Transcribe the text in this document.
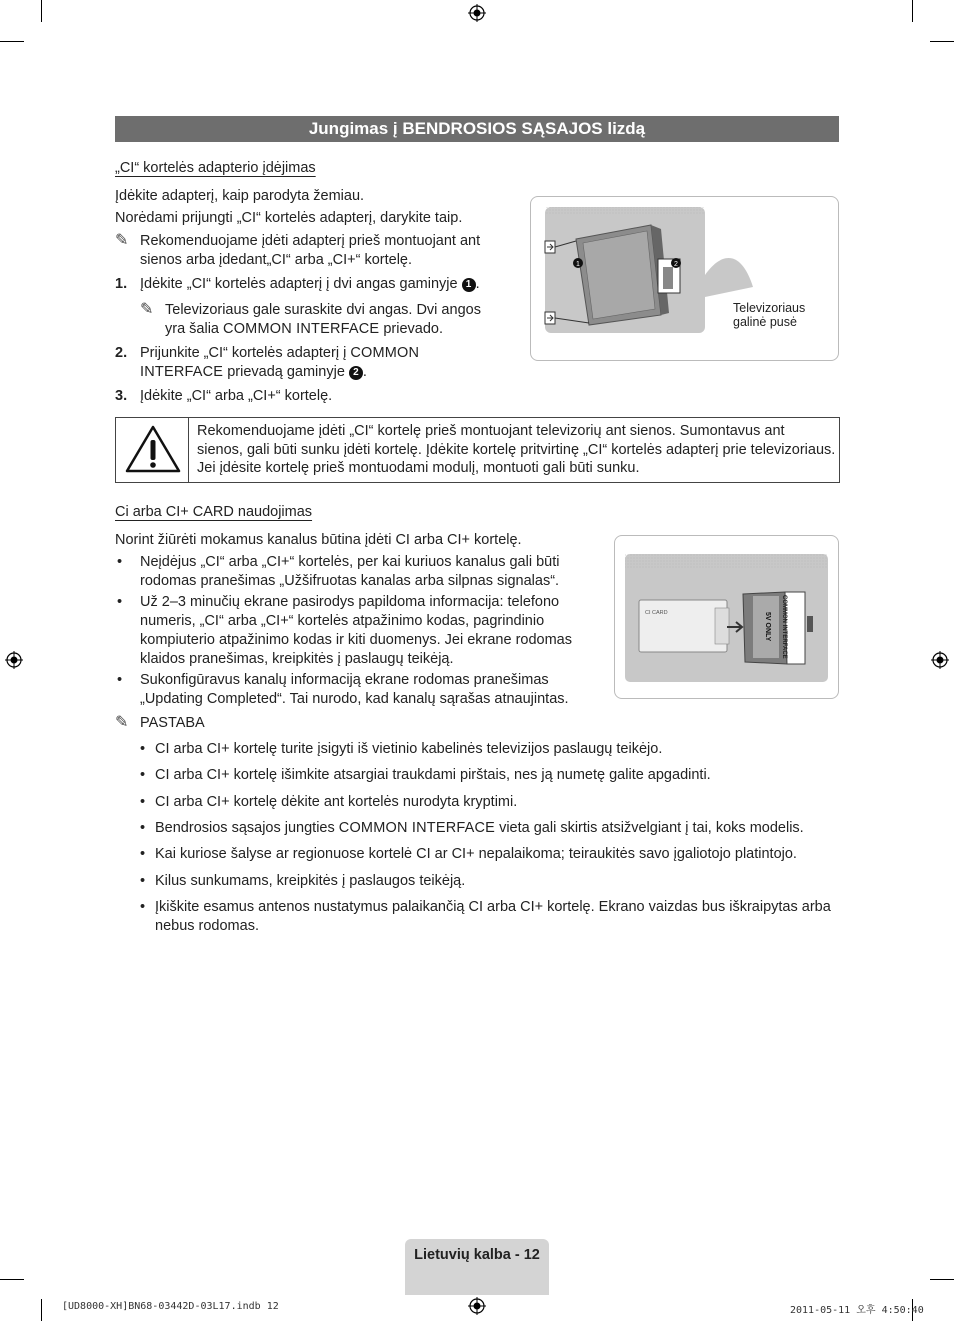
Jungimas į BENDROSIOS SĄSAJOS lizdą
„CI“ kortelės adapterio įdėjimas
Įdėkite adapterį, kaip parodyta žemiau.
Norėdami prijungti „CI“ kortelės adapterį, darykite taip.
✎ Rekomenduojame įdėti adapterį prieš montuojant ant
sienos arba įdedant„CI“ arba „CI+“ kortelę.
1. Įdėkite „CI“ kortelės adapterį į dvi angas gaminyje 1 .
✎ Televizoriaus gale suraskite dvi angas. Dvi angos
yra šalia COMMON INTERFACE prievado.
2. Prijunkite „CI“ kortelės adapterį į COMMON
INTERFACE prievadą gaminyje 2 .
3. Įdėkite „CI“ arba „CI+“ kortelę.
1	2
Televizoriaus
galinė pusė
Rekomenduojame įdėti „CI“ kortelę prieš montuojant televizorių ant sienos. Sumontavus ant
sienos, gali būti sunku įdėti kortelę. Įdėkite kortelę pritvirtinę „CI“ kortelės adapterį prie televizoriaus.
Jei įdėsite kortelę prieš montuodami modulį, montuoti gali būti sunku.
Ci arba CI+ CARD naudojimas
Norint žiūrėti mokamus kanalus būtina įdėti CI arba CI+ kortelę.
• Neįdėjus „CI“ arba „CI+“ kortelės, per kai kuriuos kanalus gali būti
rodomas pranešimas „Užšifruotas kanalas arba silpnas signalas“.
• Už 2–3 minučių ekrane pasirodys papildoma informacija: telefono
numeris, „CI“ arba „CI+“ kortelės atpažinimo kodas, pagrindinio
kompiuterio atpažinimo kodas ir kiti duomenys. Jei ekrane rodomas
klaidos pranešimas, kreipkitės į paslaugų teikėją.
• Sukonfigūravus kanalų informaciją ekrane rodomas pranešimas
„Updating Completed“. Tai nurodo, kad kanalų sąrašas atnaujintas.
✎ PASTABA
CI CARD	COMMON INTERFACE
5V ONLY
• CI arba CI+ kortelę turite įsigyti iš vietinio kabelinės televizijos paslaugų teikėjo.
• CI arba CI+ kortelę išimkite atsargiai traukdami pirštais, nes ją numetę galite apgadinti.
• CI arba CI+ kortelę dėkite ant kortelės nurodyta kryptimi.
• Bendrosios sąsajos jungties COMMON INTERFACE vieta gali skirtis atsižvelgiant į tai, koks modelis.
• Kai kuriose šalyse ar regionuose kortelė CI ar CI+ nepalaikoma; teiraukitės savo įgaliotojo platintojo.
• Kilus sunkumams, kreipkitės į paslaugos teikėją.
• Įkiškite esamus antenos nustatymus palaikančią CI arba CI+ kortelę. Ekrano vaizdas bus iškraipytas arba
nebus rodomas.
Lietuvių kalba - 12
[UD8000-XH]BN68-03442D-03L17.indb 12	2011-05-11 오후 4:50:40
